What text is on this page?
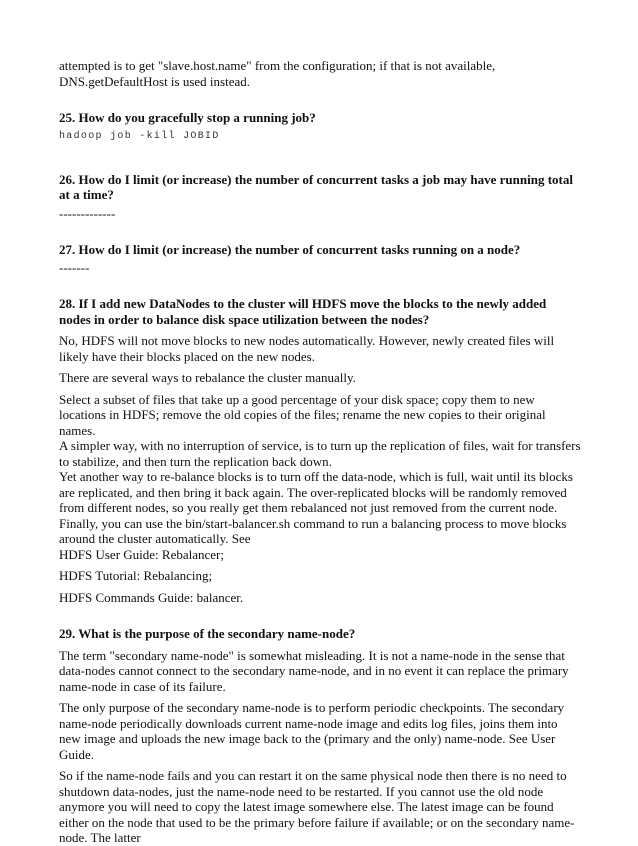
attempted is to get "slave.host.name" from the configuration; if that is not available, DNS.getDefaultHost is used instead.

25. How do you gracefully stop a running job?

hadoop job -kill JOBID

26. How do I limit (or increase) the number of concurrent tasks a job may have running total at a time?

-------------

27. How do I limit (or increase) the number of concurrent tasks running on a node?

-------

28. If I add new DataNodes to the cluster will HDFS move the blocks to the newly added nodes in order to balance disk space utilization between the nodes?

No, HDFS will not move blocks to new nodes automatically. However, newly created files will likely have their blocks placed on the new nodes.

There are several ways to rebalance the cluster manually.

Select a subset of files that take up a good percentage of your disk space; copy them to new locations in HDFS; remove the old copies of the files; rename the new copies to their original names.

A simpler way, with no interruption of service, is to turn up the replication of files, wait for transfers to stabilize, and then turn the replication back down.

Yet another way to re-balance blocks is to turn off the data-node, which is full, wait until its blocks are replicated, and then bring it back again. The over-replicated blocks will be randomly removed from different nodes, so you really get them rebalanced not just removed from the current node.

Finally, you can use the bin/start-balancer.sh command to run a balancing process to move blocks around the cluster automatically. See

HDFS User Guide: Rebalancer;

HDFS Tutorial: Rebalancing;

HDFS Commands Guide: balancer.

29. What is the purpose of the secondary name-node?

The term "secondary name-node" is somewhat misleading. It is not a name-node in the sense that data-nodes cannot connect to the secondary name-node, and in no event it can replace the primary name-node in case of its failure.

The only purpose of the secondary name-node is to perform periodic checkpoints. The secondary name-node periodically downloads current name-node image and edits log files, joins them into new image and uploads the new image back to the (primary and the only) name-node. See User Guide.

So if the name-node fails and you can restart it on the same physical node then there is no need to shutdown data-nodes, just the name-node need to be restarted. If you cannot use the old node anymore you will need to copy the latest image somewhere else. The latest image can be found either on the node that used to be the primary before failure if available; or on the secondary name-node. The latter
